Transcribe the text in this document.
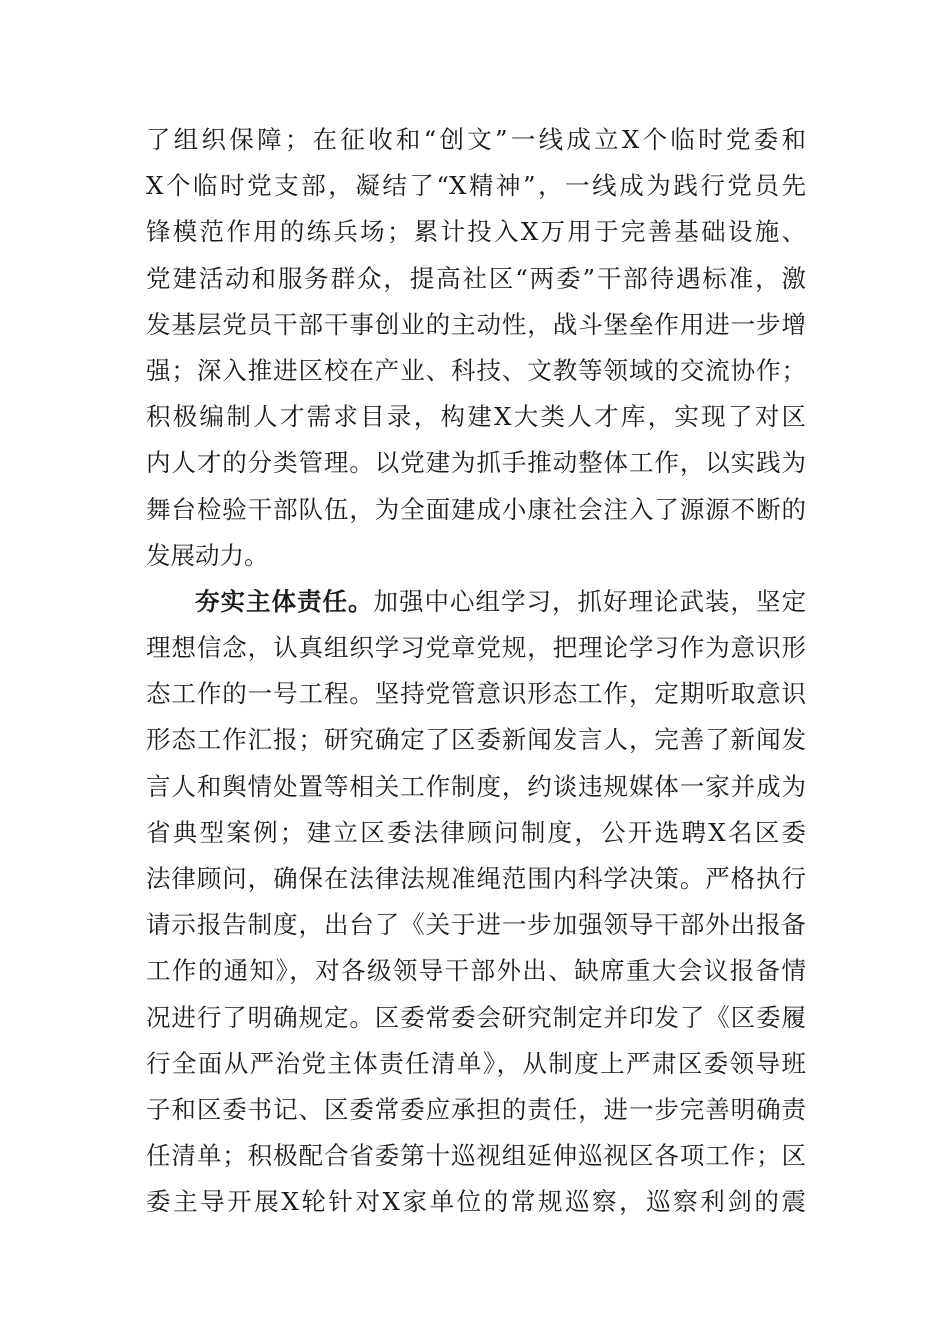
了组织保障；在征收和“创文”一线成立X个临时党委和
X个临时党支部，凝结了“X精神”，一线成为践行党员先
锋模范作用的练兵场；累计投入X万用于完善基础设施、
党建活动和服务群众，提高社区“两委”干部待遇标准，激
发基层党员干部干事创业的主动性，战斗堡垒作用进一步增
强；深入推进区校在产业、科技、文教等领域的交流协作；
积极编制人才需求目录，构建X大类人才库，实现了对区
内人才的分类管理。以党建为抓手推动整体工作，以实践为
舞台检验干部队伍，为全面建成小康社会注入了源源不断的
发展动力。
夯实主体责任。加强中心组学习，抓好理论武装，坚定
理想信念，认真组织学习党章党规，把理论学习作为意识形
态工作的一号工程。坚持党管意识形态工作，定期听取意识
形态工作汇报；研究确定了区委新闻发言人，完善了新闻发
言人和舆情处置等相关工作制度，约谈违规媒体一家并成为
省典型案例；建立区委法律顾问制度，公开选聘X名区委
法律顾问，确保在法律法规准绳范围内科学决策。严格执行
请示报告制度，出台了《关于进一步加强领导干部外出报备
工作的通知》，对各级领导干部外出、缺席重大会议报备情
况进行了明确规定。区委常委会研究制定并印发了《区委履
行全面从严治党主体责任清单》，从制度上严肃区委领导班
子和区委书记、区委常委应承担的责任，进一步完善明确责
任清单；积极配合省委第十巡视组延伸巡视区各项工作；区
委主导开展X轮针对X家单位的常规巡察，巡察利剑的震
